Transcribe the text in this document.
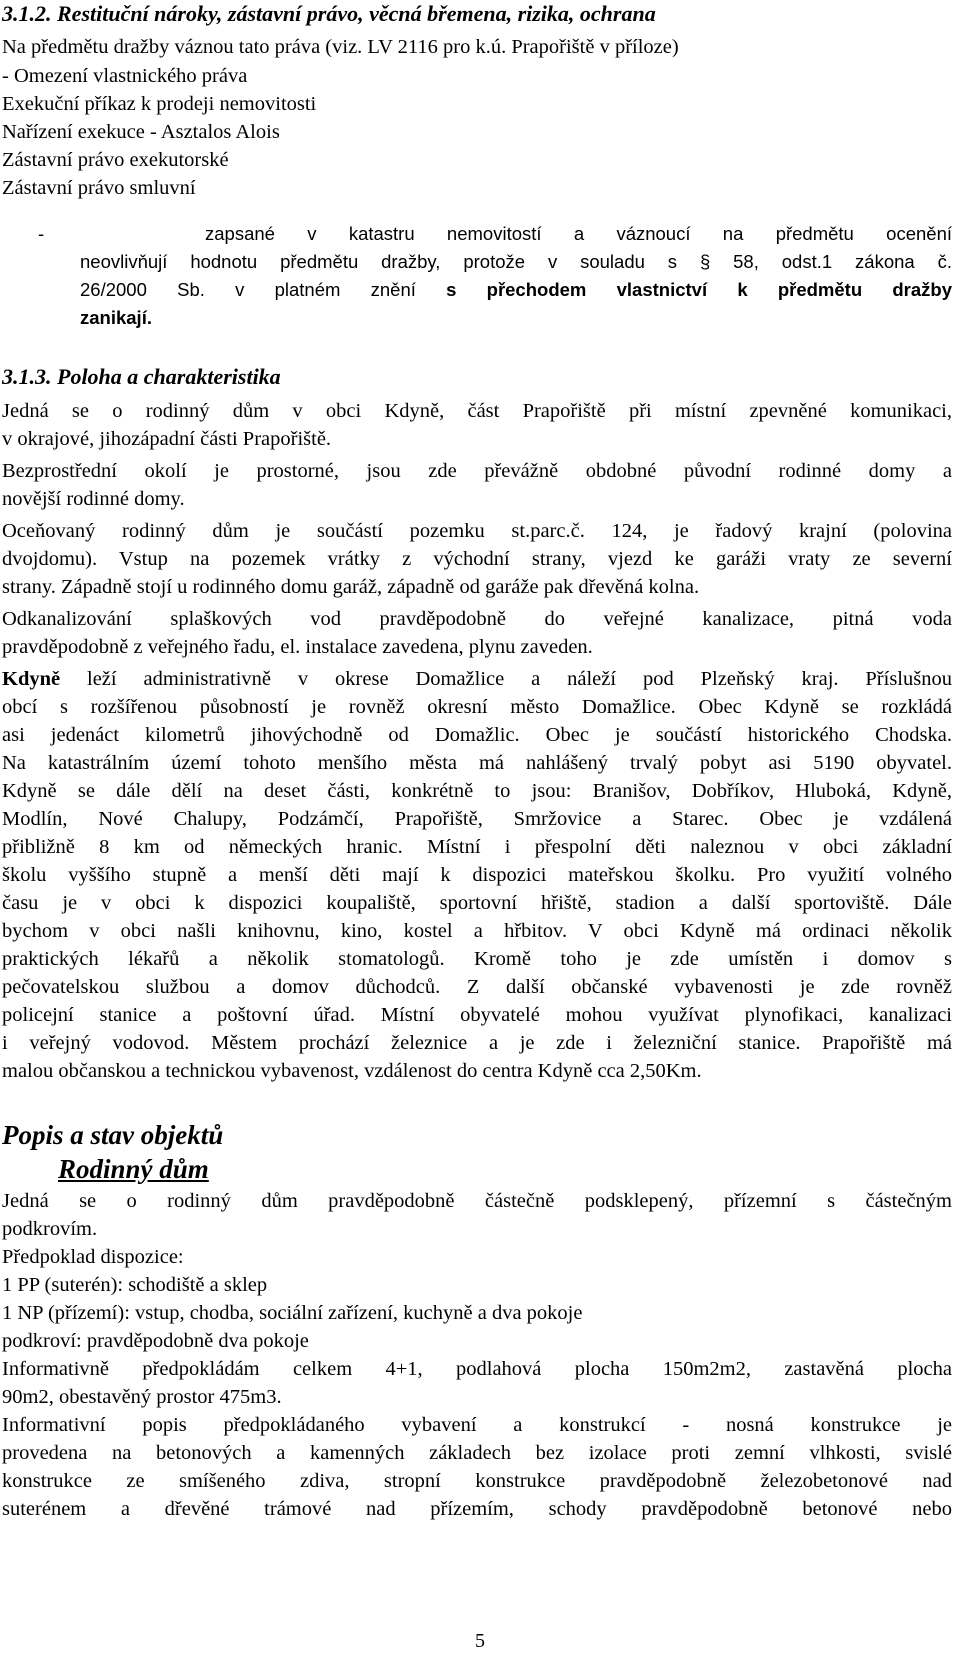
3.1.2. Restituční nároky, zástavní právo, věcná břemena, rizika, ochrana
Na předmětu dražby váznou tato práva (viz. LV 2116 pro k.ú. Prapořiště v příloze)
- Omezení vlastnického práva
Exekuční příkaz k prodeji nemovitosti
Nařízení exekuce - Asztalos Alois
Zástavní právo exekutorské
Zástavní právo smluvní
-	zapsané v katastru nemovitostí a váznoucí na předmětu ocenění
neovlivňují hodnotu předmětu dražby, protože v souladu s § 58, odst.1 zákona č.
26/2000 Sb. v platném znění s přechodem vlastnictví k předmětu dražby
zanikají.
3.1.3. Poloha a charakteristika
Jedná se o rodinný dům v obci Kdyně, část Prapořiště při místní zpevněné komunikaci,
v okrajové, jihozápadní části Prapořiště.
Bezprostřední okolí je prostorné, jsou zde převážně obdobné původní rodinné domy a
novější rodinné domy.
Oceňovaný rodinný dům je součástí pozemku st.parc.č. 124, je řadový krajní (polovina
dvojdomu). Vstup na pozemek vrátky z východní strany, vjezd ke garáži vraty ze severní
strany. Západně stojí u rodinného domu garáž, západně od garáže pak dřevěná kolna.
Odkanalizování splaškových vod pravděpodobně do veřejné kanalizace, pitná voda
pravděpodobně z veřejného řadu, el. instalace zavedena, plynu zaveden.
Kdyně leží administrativně v okrese Domažlice a náleží pod Plzeňský kraj. Příslušnou
obcí s rozšířenou působností je rovněž okresní město Domažlice. Obec Kdyně se rozkládá
asi jedenáct kilometrů jihovýchodně od Domažlic. Obec je součástí historického Chodska.
Na katastrálním území tohoto menšího města má nahlášený trvalý pobyt asi 5190 obyvatel.
Kdyně se dále dělí na deset části, konkrétně to jsou: Branišov, Dobříkov, Hluboká, Kdyně,
Modlín, Nové Chalupy, Podzámčí, Prapořiště, Smržovice a Starec. Obec je vzdálená
přibližně 8 km od německých hranic. Místní i přespolní děti naleznou v obci základní
školu vyššího stupně a menší děti mají k dispozici mateřskou školku. Pro využití volného
času je v obci k dispozici koupaliště, sportovní hřiště, stadion a další sportoviště. Dále
bychom v obci našli knihovnu, kino, kostel a hřbitov. V obci Kdyně má ordinaci několik
praktických lékařů a několik stomatologů. Kromě toho je zde umístěn i domov s
pečovatelskou službou a domov důchodců. Z další občanské vybavenosti je zde rovněž
policejní stanice a poštovní úřad. Místní obyvatelé mohou využívat plynofikaci, kanalizaci
i veřejný vodovod. Městem prochází železnice a je zde i železniční stanice. Prapořiště má
malou občanskou a technickou vybavenost, vzdálenost do centra Kdyně cca 2,50Km.
Popis a stav objektů
Rodinný dům
Jedná se o rodinný dům pravděpodobně částečně podsklepený, přízemní s částečným
podkrovím.
Předpoklad dispozice:
1 PP (suterén): schodiště a sklep
1 NP (přízemí): vstup, chodba, sociální zařízení, kuchyně a dva pokoje
podkroví: pravděpodobně dva pokoje
Informativně předpokládám celkem 4+1, podlahová plocha 150m2m2, zastavěná plocha
90m2, obestavěný prostor 475m3.
Informativní popis předpokládaného vybavení a konstrukcí - nosná konstrukce je
provedena na betonových a kamenných základech bez izolace proti zemní vlhkosti, svislé
konstrukce ze smíšeného zdiva, stropní konstrukce pravděpodobně železobetonové nad
suterénem a dřevěné trámové nad přízemím, schody pravděpodobně betonové nebo
5
